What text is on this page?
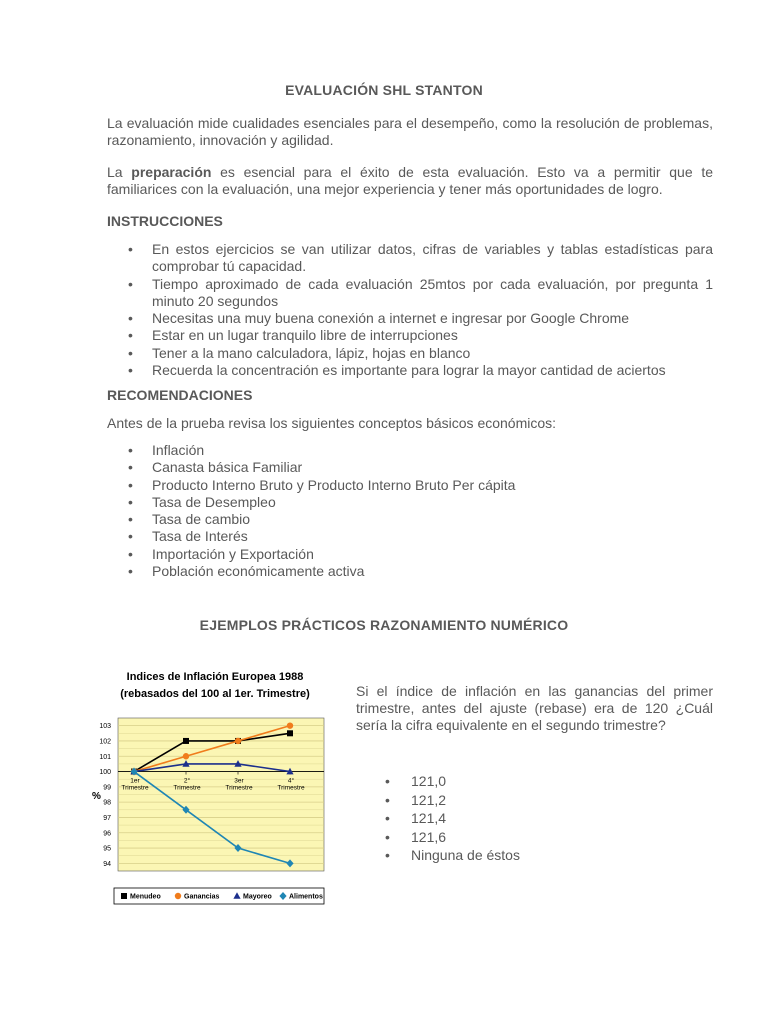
EVALUACIÓN SHL STANTON

La evaluación mide cualidades esenciales para el desempeño, como la resolución de problemas, razonamiento, innovación y agilidad.

La preparación es esencial para el éxito de esta evaluación. Esto va a permitir que te familiarices con la evaluación, una mejor experiencia y tener más oportunidades de logro.

INSTRUCCIONES
• En estos ejercicios se van utilizar datos, cifras de variables y tablas estadísticas para comprobar tú capacidad.
• Tiempo aproximado de cada evaluación 25mtos por cada evaluación, por pregunta 1 minuto 20 segundos
• Necesitas una muy buena conexión a internet e ingresar por Google Chrome
• Estar en un lugar tranquilo libre de interrupciones
• Tener a la mano calculadora, lápiz, hojas en blanco
• Recuerda la concentración es importante para lograr la mayor cantidad de aciertos
RECOMENDACIONES

Antes de la prueba revisa los siguientes conceptos básicos económicos:

• Inflación
• Canasta básica Familiar
• Producto Interno Bruto y Producto Interno Bruto Per cápita
• Tasa de Desempleo
• Tasa de cambio
• Tasa de Interés
• Importación y Exportación
• Población económicamente activa
EJEMPLOS PRÁCTICOS RAZONAMIENTO NUMÉRICO
Indices de Inflación Europea 1988
(rebasados del 100 al 1er. Trimestre)
103
102
101
100
99
98
97
96
95
94
%
1er
Trimestre
2°
Trimestre
3er
Trimestre
4°
Trimestre
Menudeo	Ganancias	Mayoreo Alimentos

Si el índice de inflación en las ganancias del primer trimestre, antes del ajuste (rebase) era de 120 ¿Cuál sería la cifra equivalente en el segundo trimestre?

• 121,0
• 121,2
• 121,4
• 121,6
• Ninguna de éstos
